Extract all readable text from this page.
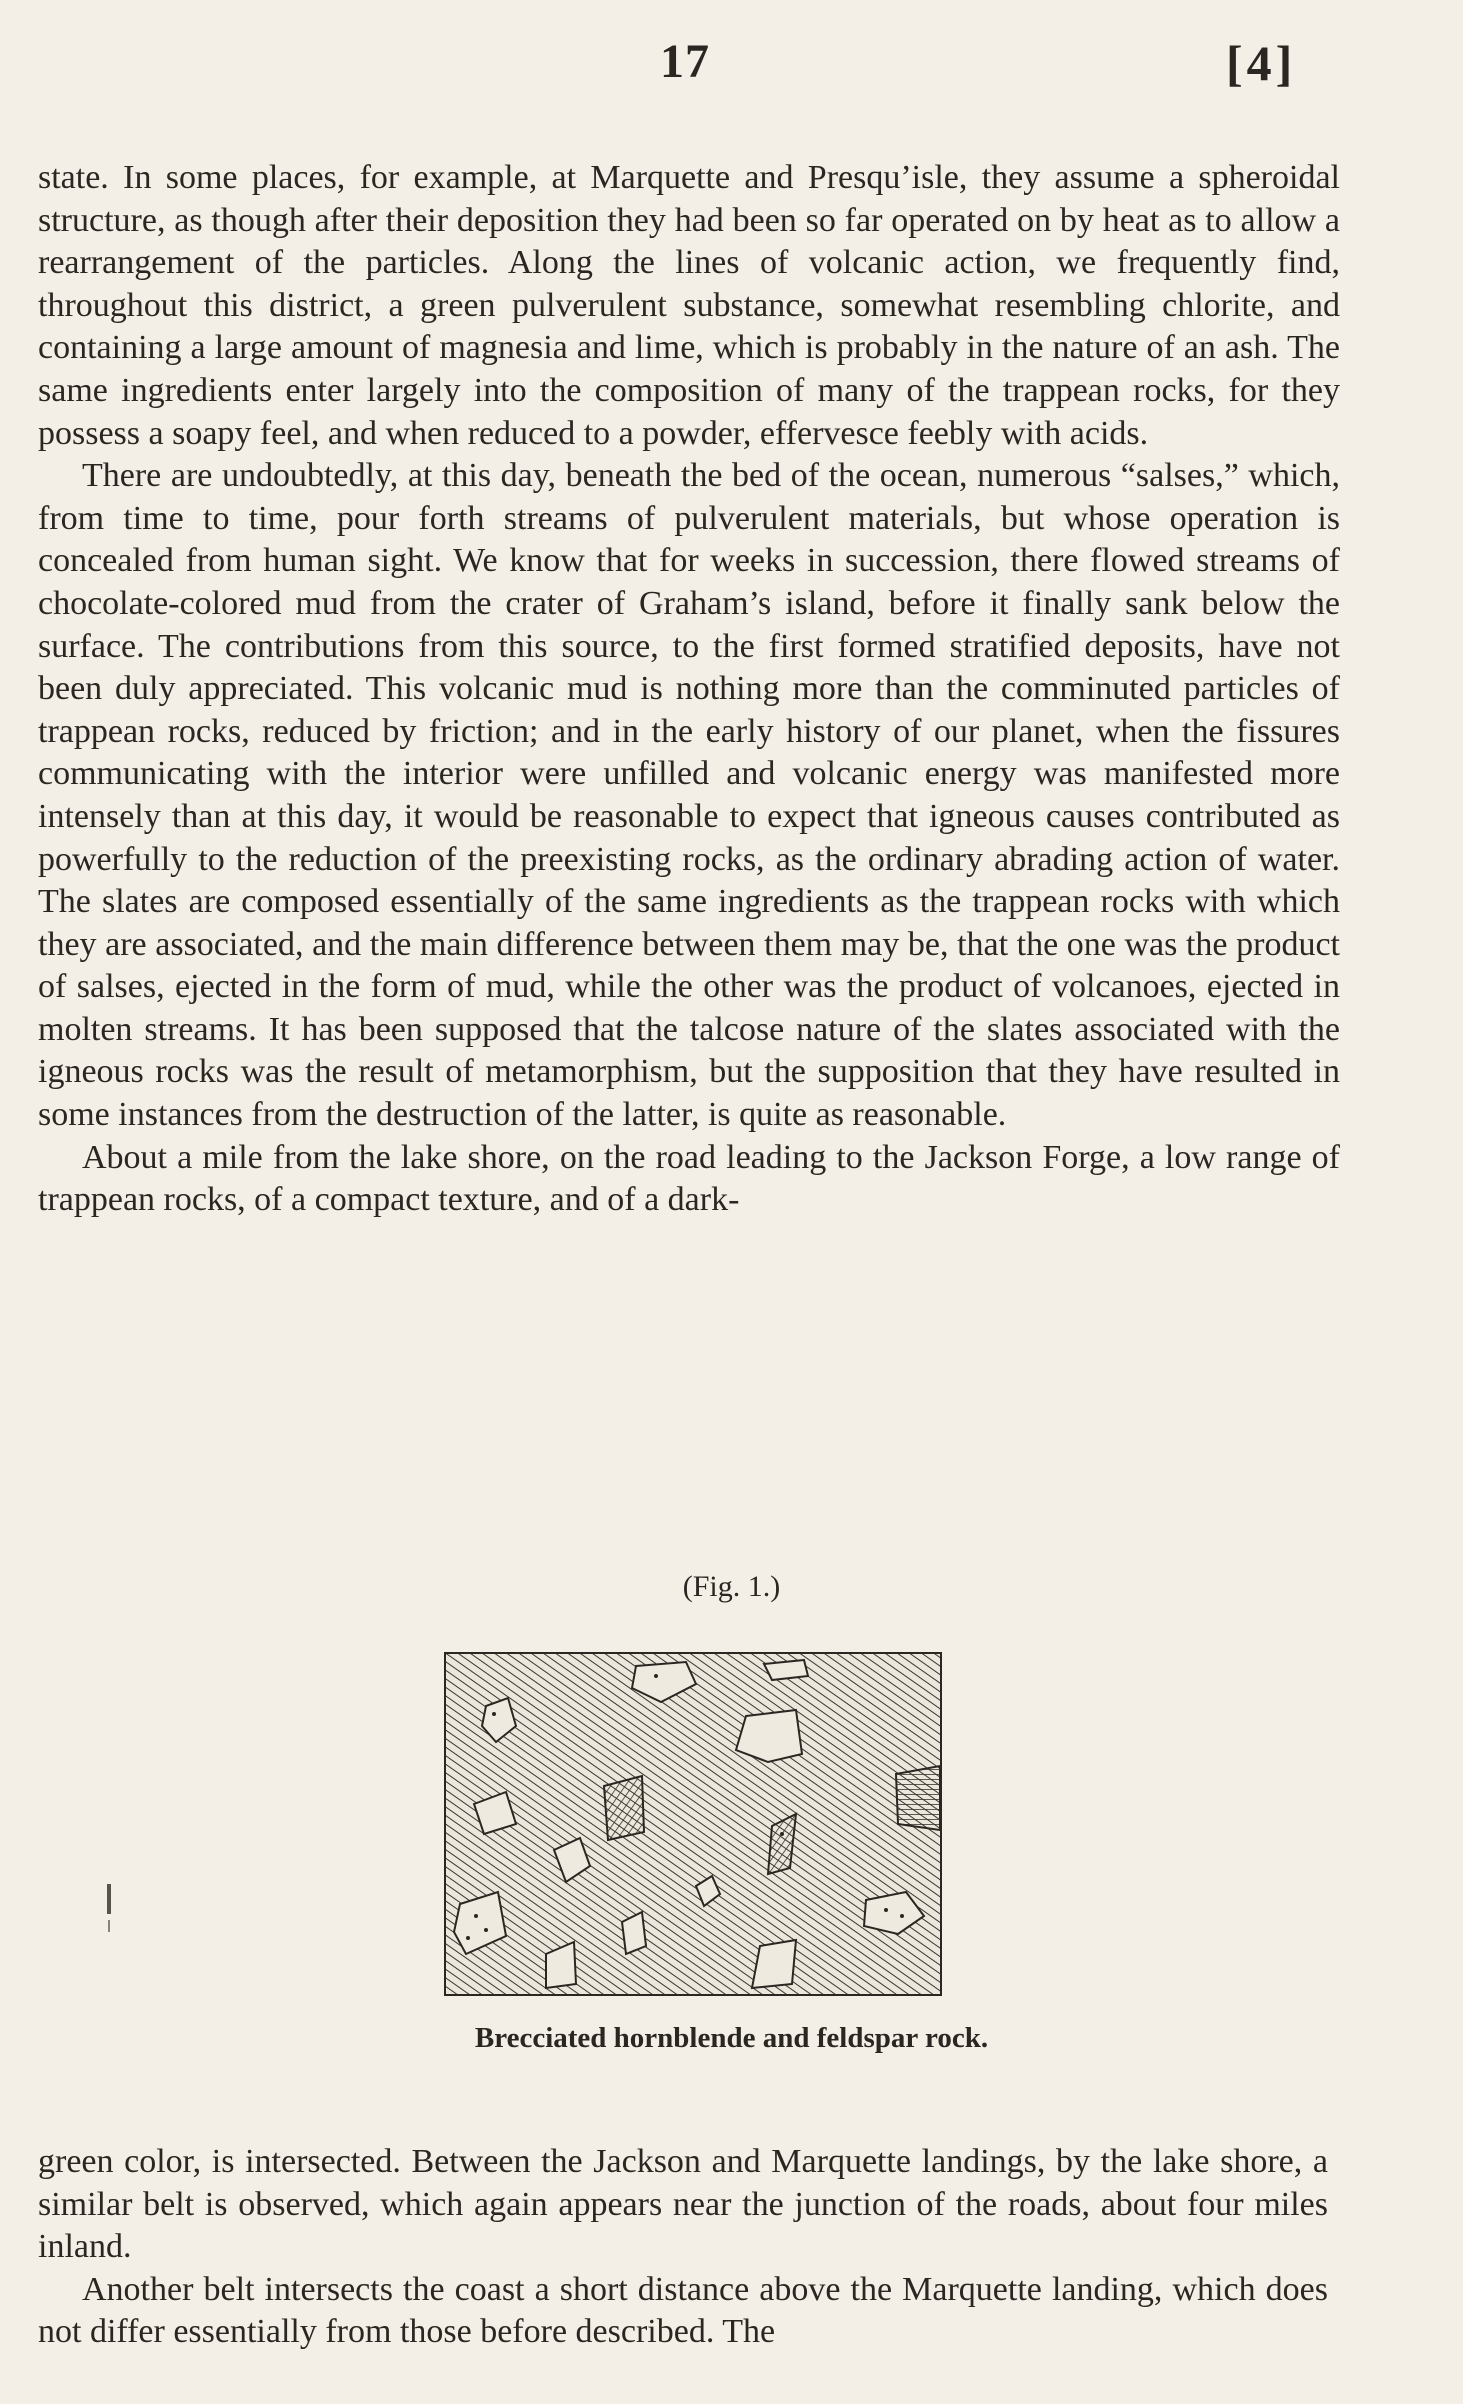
17	[4]

state. In some places, for example, at Marquette and Presqu’isle, they assume a spheroidal structure, as though after their deposition they had been so far operated on by heat as to allow a rearrangement of the particles. Along the lines of volcanic action, we frequently find, throughout this district, a green pulverulent substance, somewhat resembling chlorite, and containing a large amount of magnesia and lime, which is probably in the nature of an ash. The same ingredients enter largely into the composition of many of the trappean rocks, for they possess a soapy feel, and when reduced to a powder, effervesce feebly with acids.

There are undoubtedly, at this day, beneath the bed of the ocean, numerous “salses,” which, from time to time, pour forth streams of pulverulent materials, but whose operation is concealed from human sight. We know that for weeks in succession, there flowed streams of chocolate-colored mud from the crater of Graham’s island, before it finally sank below the surface. The contributions from this source, to the first formed stratified deposits, have not been duly appreciated. This volcanic mud is nothing more than the comminuted particles of trappean rocks, reduced by friction; and in the early history of our planet, when the fissures communicating with the interior were unfilled and volcanic energy was manifested more intensely than at this day, it would be reasonable to expect that igneous causes contributed as powerfully to the reduction of the preexisting rocks, as the ordinary abrading action of water. The slates are composed essentially of the same ingredients as the trappean rocks with which they are associated, and the main difference between them may be, that the one was the product of salses, ejected in the form of mud, while the other was the product of volcanoes, ejected in molten streams. It has been supposed that the talcose nature of the slates associated with the igneous rocks was the result of metamorphism, but the supposition that they have resulted in some instances from the destruction of the latter, is quite as reasonable.

About a mile from the lake shore, on the road leading to the Jackson Forge, a low range of trappean rocks, of a compact texture, and of a dark-

(Fig. 1.)
Brecciated hornblende and feldspar rock.

green color, is intersected. Between the Jackson and Marquette landings, by the lake shore, a similar belt is observed, which again appears near the junction of the roads, about four miles inland.

Another belt intersects the coast a short distance above the Marquette landing, which does not differ essentially from those before described. The
